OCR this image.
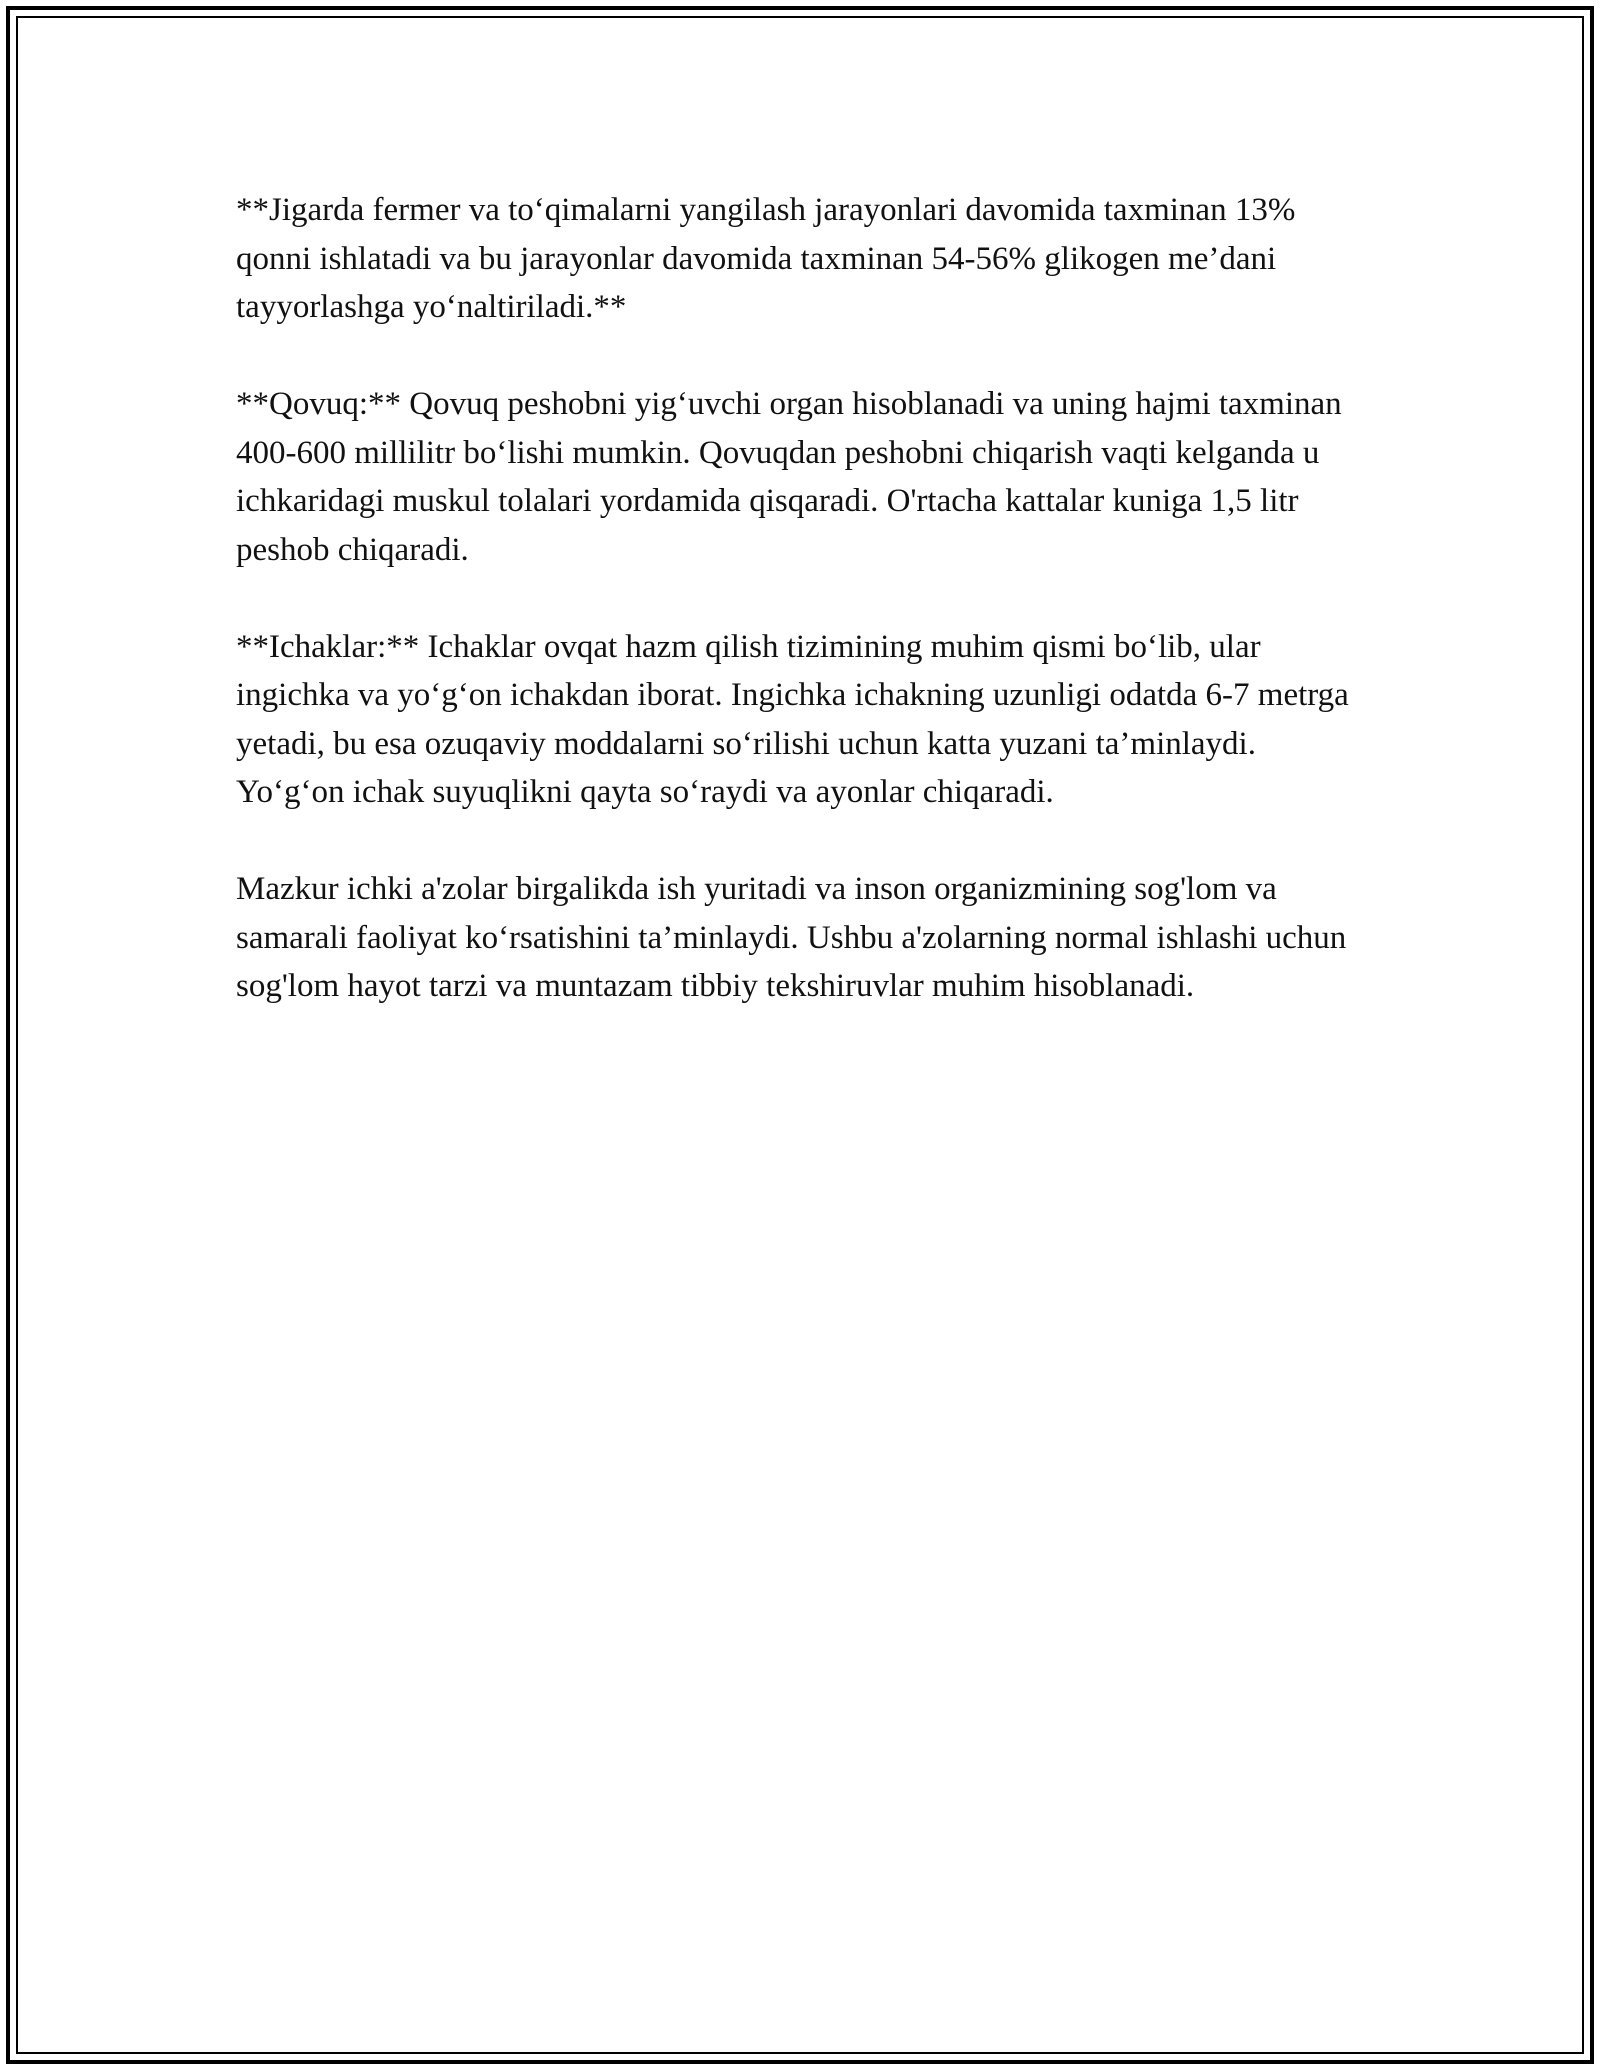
**Jigarda fermer va to‘qimalarni yangilash jarayonlari davomida taxminan 13% qonni ishlatadi va bu jarayonlar davomida taxminan 54-56% glikogen me’dani tayyorlashga yo‘naltiriladi.**

**Qovuq:** Qovuq peshobni yig‘uvchi organ hisoblanadi va uning hajmi taxminan 400-600 millilitr bo‘lishi mumkin. Qovuqdan peshobni chiqarish vaqti kelganda u ichkaridagi muskul tolalari yordamida qisqaradi. O'rtacha kattalar kuniga 1,5 litr peshob chiqaradi.

**Ichaklar:** Ichaklar ovqat hazm qilish tizimining muhim qismi bo‘lib, ular ingichka va yo‘g‘on ichakdan iborat. Ingichka ichakning uzunligi odatda 6-7 metrga yetadi, bu esa ozuqaviy moddalarni so‘rilishi uchun katta yuzani ta’minlaydi. Yo‘g‘on ichak suyuqlikni qayta so‘raydi va ayonlar chiqaradi.

Mazkur ichki a'zolar birgalikda ish yuritadi va inson organizmining sog'lom va samarali faoliyat ko‘rsatishini ta’minlaydi. Ushbu a'zolarning normal ishlashi uchun sog'lom hayot tarzi va muntazam tibbiy tekshiruvlar muhim hisoblanadi.
